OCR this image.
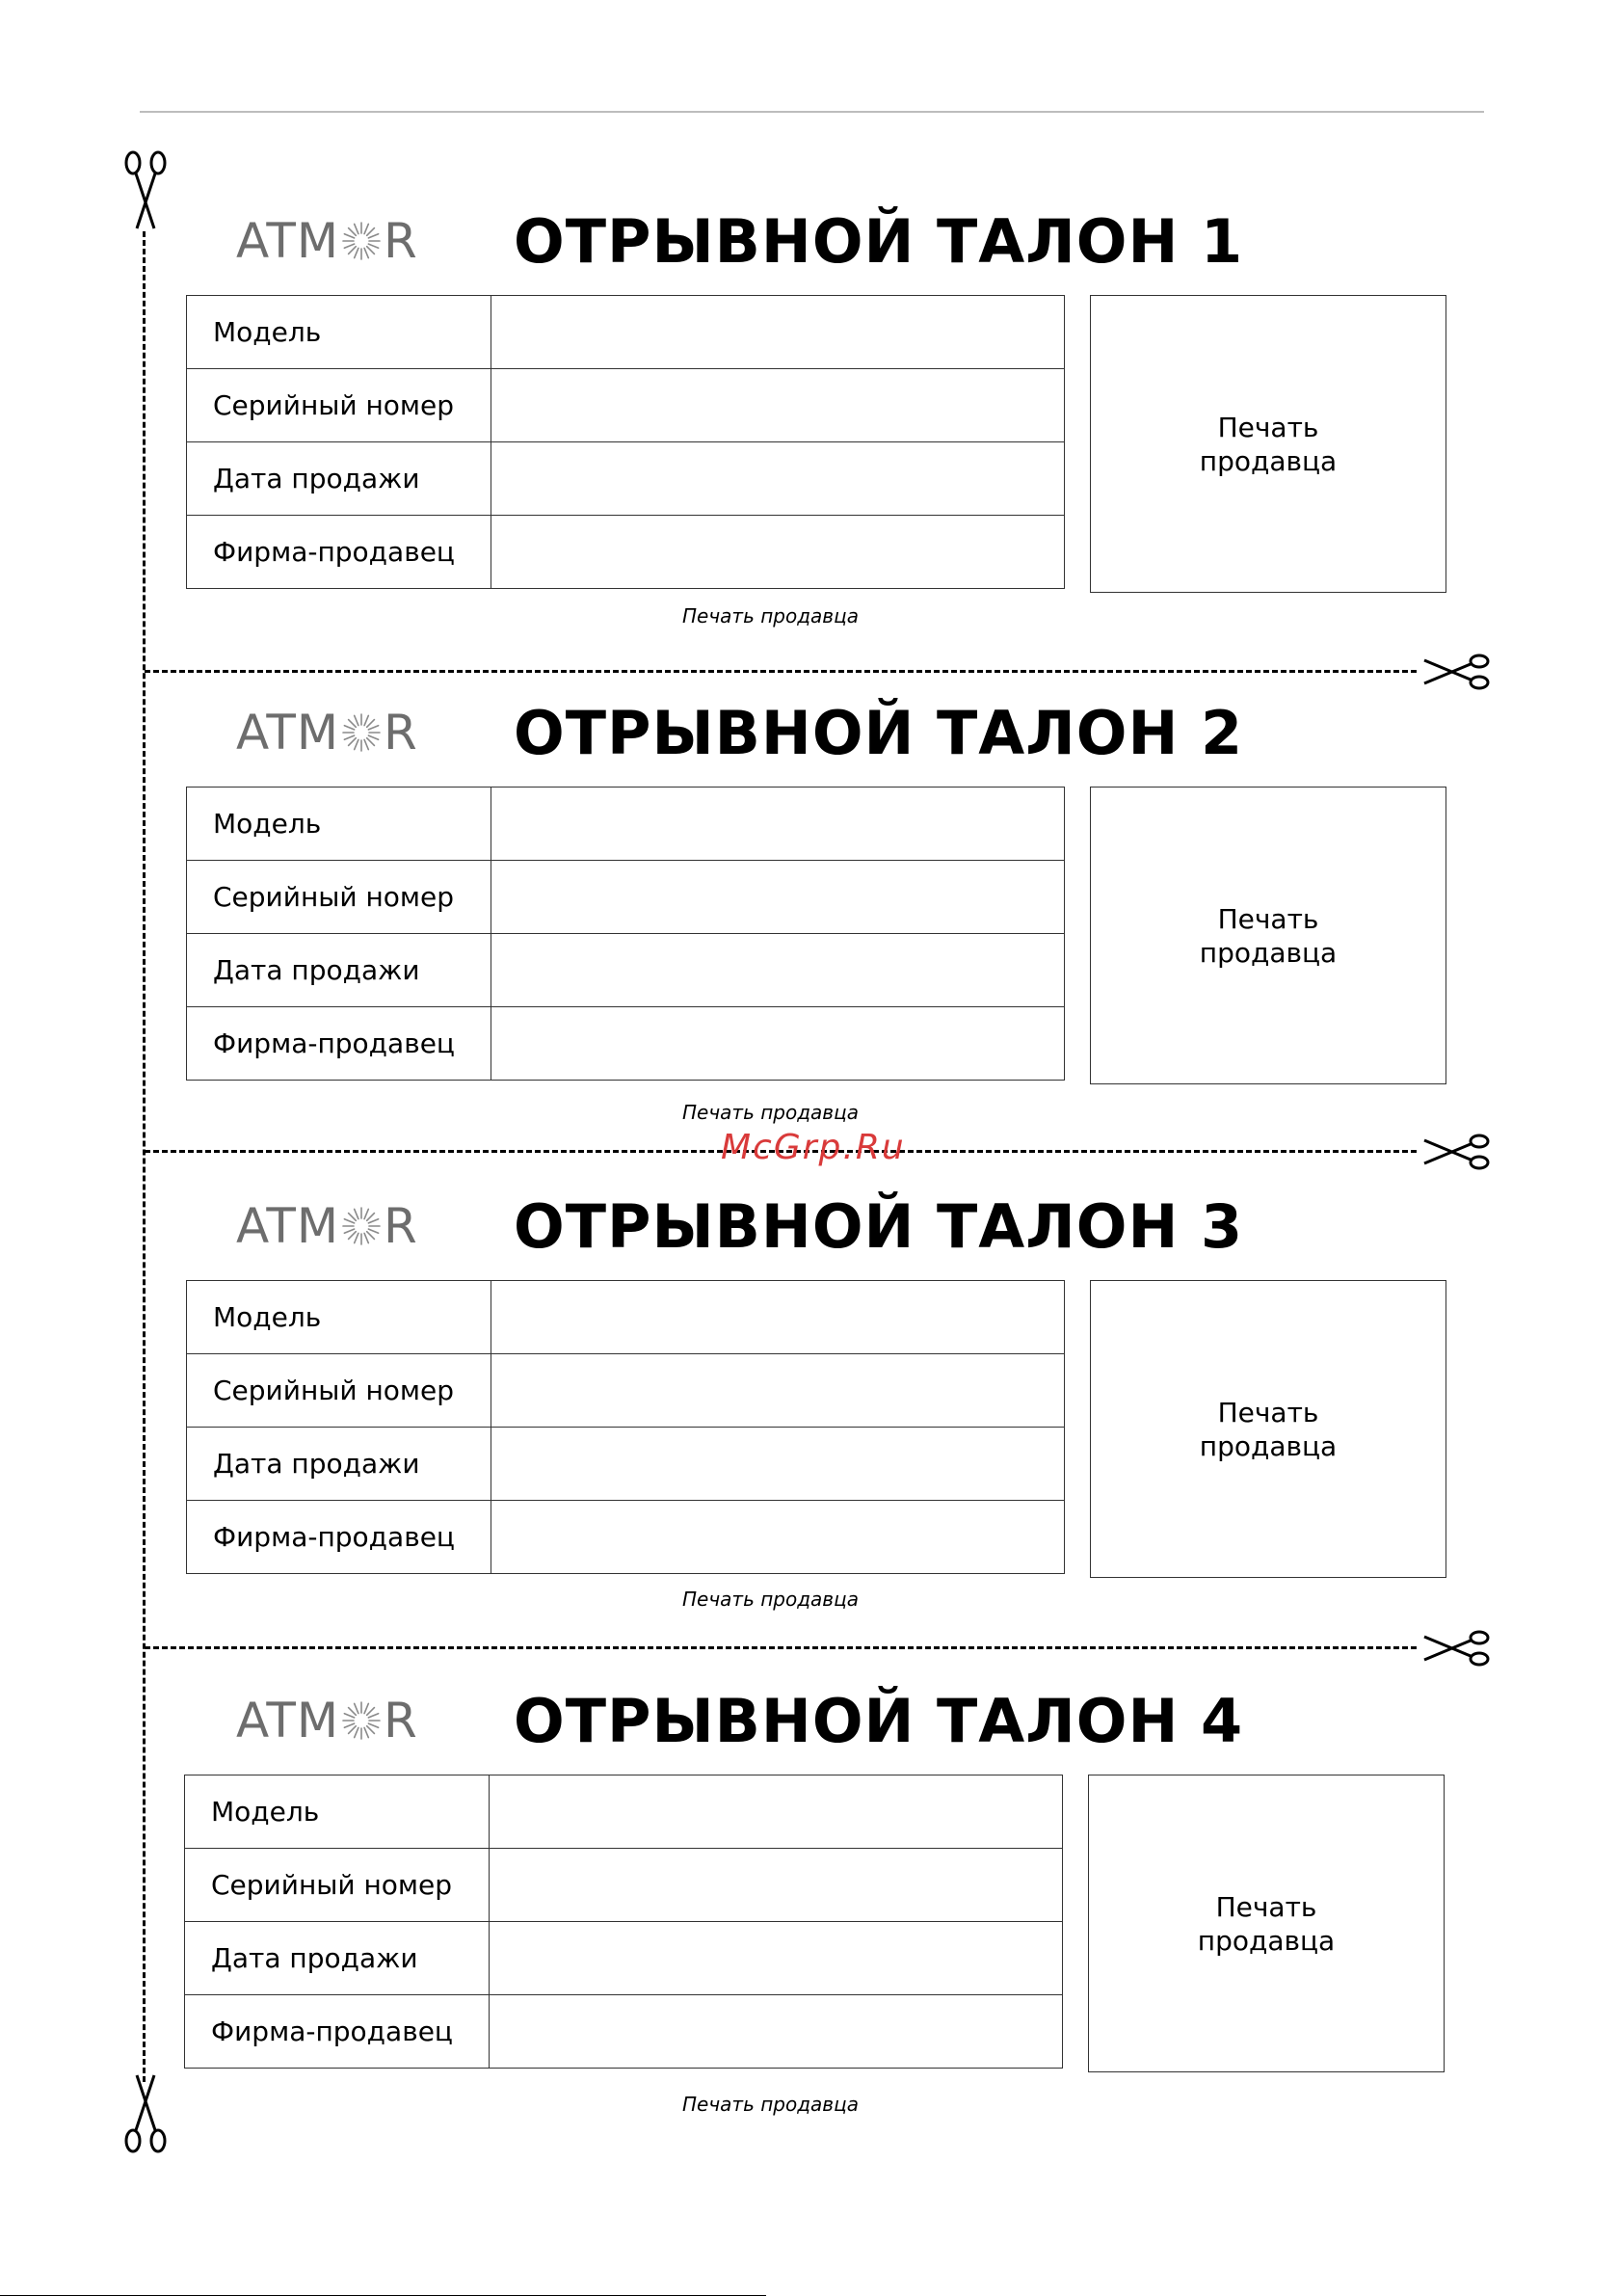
ATM R ОТРЫВНОЙ ТАЛОН 1
Модель	
Серийный номер	
Дата продажи	
Фирма-продавец	
Печать
продавца
Печать продавца
ATM R ОТРЫВНОЙ ТАЛОН 2
Модель	
Серийный номер	
Дата продажи	
Фирма-продавец	
Печать
продавца
Печать продавца
ATM R ОТРЫВНОЙ ТАЛОН 3
Модель	
Серийный номер	
Дата продажи	
Фирма-продавец	
Печать
продавца
Печать продавца
ATM R ОТРЫВНОЙ ТАЛОН 4
Модель	
Серийный номер	
Дата продажи	
Фирма-продавец	
Печать
продавца
Печать продавца
McGrp.Ru
